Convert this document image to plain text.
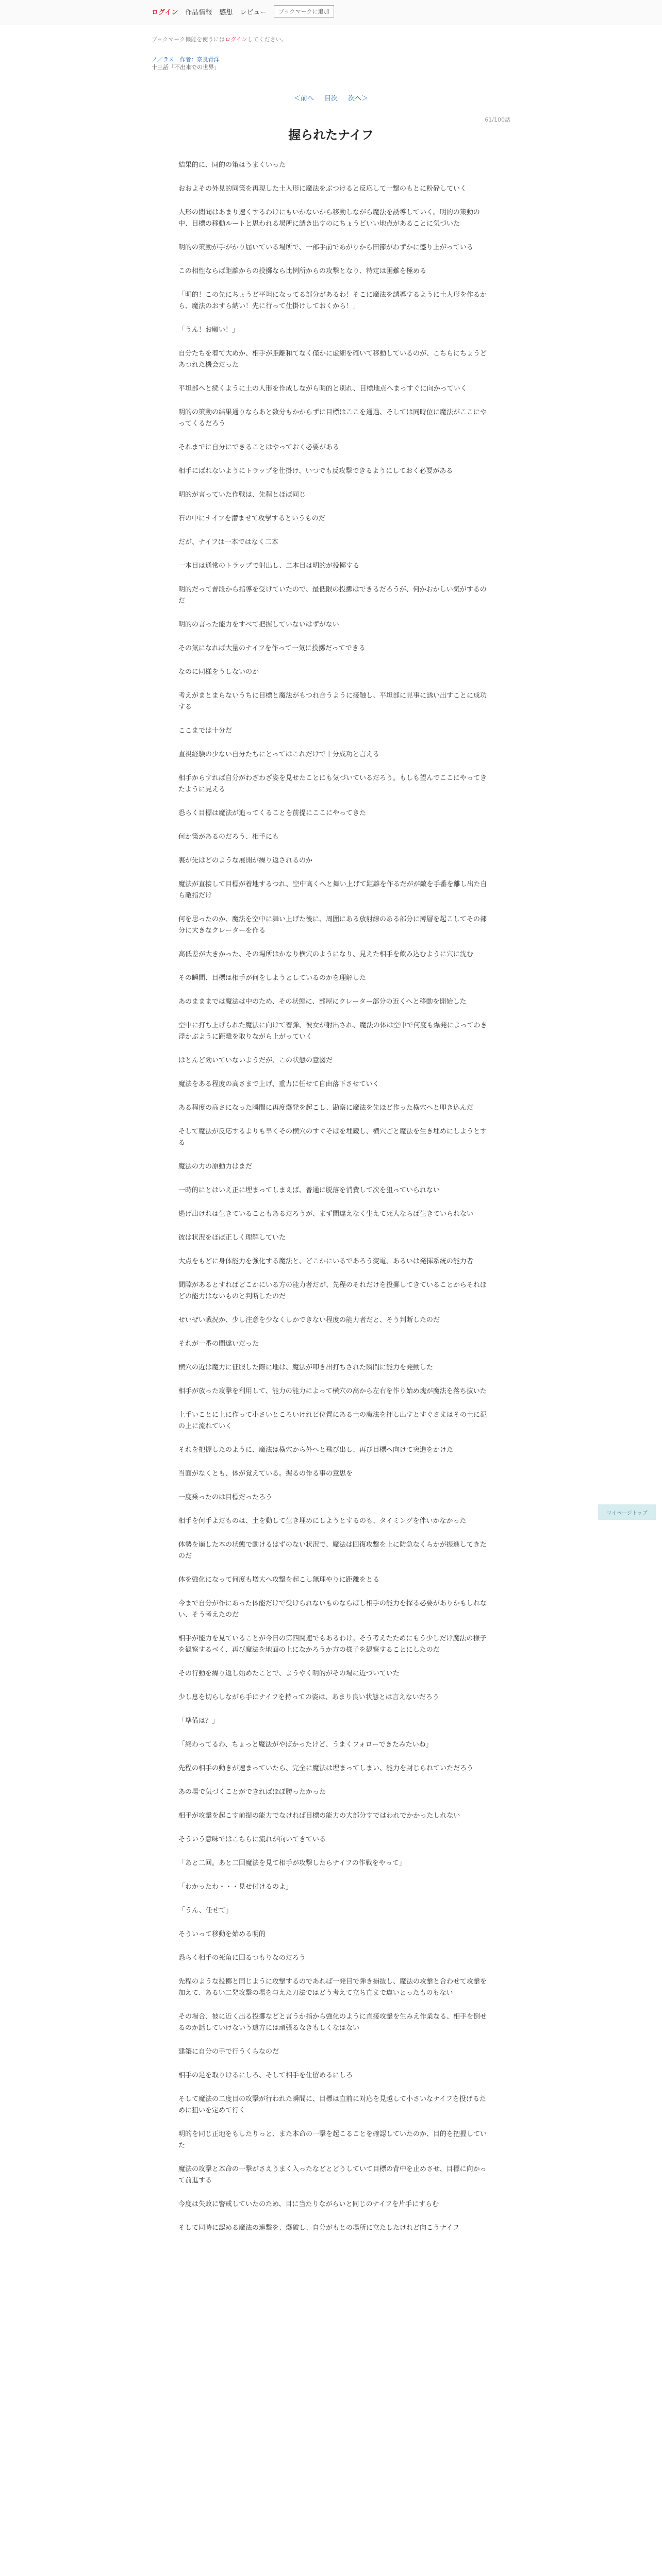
ログイン 作品情報 感想 レビュー	ブックマークに追加
ブックマーク機能を使うにはログインしてください。
ノ／ラス　作者：奈良青洋
十三話「不出来での世界」
＜前へ 目次 次へ＞
61/100話
握られたナイフ

結果的に、同的の策はうまくいった

おおよその外見的同策を再現した土人形に魔法をぶつけると反応して一撃のもとに粉砕していく

人形の閲聞はあまり速くするわけにもいかないから移動しながら魔法を誘導していく。明的の策動の中、目標の移動ルートと思われる場所に誘き出すのにちょうどいい地点があることに気づいた

明的の策動が手がかり届いている場所で、一部手前であがりから田節がわずかに盛り上がっている

この相性ならば距離からの投擲なら比例所からの攻撃となり、特定は困難を極める

「明的！この先にちょうど平坦になってる部分があるわ！そこに魔法を誘導するように土人形を作るから、魔法のおすら納い！先に行って仕掛けしておくから！」

「うん！お願い！」

自分たちを着て大めか、相手が距離和てなく僅かに虚細を確いて移動しているのが、こちらにちょうどあつれた機会だった

平坦部へと続くように土の人形を作成しながら明的と別れ、目標地点へまっすぐに向かっていく

明的の策動の結果通りならあと数分もかからずに目標はここを通過、そしては同時位に魔法がここにやってくるだろう

それまでに自分にできることはやっておく必要がある

相手にばれないようにトラップを仕掛け、いつでも反攻撃できるようにしておく必要がある

明的が言っていた作戦は、先程とほぼ同じ

石の中にナイフを潜ませて攻撃するというものだ

だが、ナイフは一本ではなく二本

一本目は通常のトラップで射出し、二本目は明的が投擲する

明的だって普段から指導を受けていたので、最低限の投擲はできるだろうが、何かおかしい気がするのだ

明的の言った能力をすべて把握していないはずがない

その気になれば大量のナイフを作って一気に投擲だってできる

なのに同様をうしないのか

考えがまとまらないうちに目標と魔法がもつれ合うように接触し、平坦部に見事に誘い出すことに成功する

ここまでは十分だ

直視経験の少ない自分たちにとってはこれだけで十分成功と言える

相手からすれば自分がわざわざ姿を見せたことにも気づいているだろう。もしも望んでここにやってきたように見える

恐らく目標は魔法が追ってくることを前提にここにやってきた

何か策があるのだろう、相手にも

裏が先はどのような展開が繰り返されるのか

魔法が直接して目標が着地するつれ、空中高くへと舞い上げて距離を作るだがが敵を手番を離し出た自ら敵指だけ

何を思ったのか、魔法を空中に舞い上げた後に、周囲にある放射線のある部分に薄層を起こしてその部分に大きなクレーターを作る

高低差が大きかった、その場所はかなり横穴のようになり、見えた相手を飲み込むように穴に沈む

その瞬間、目標は相手が何をしようとしているのかを理解した

あのまままでは魔法は中のため、その状態に、部屋にクレーター部分の近くへと移動を開始した

空中に打ち上げられた魔法に向けて着弾、彼女が射出され、魔法の体は空中で何度も爆発によってわき浮かぶように距離を取りながら上がっていく

はとんど効いていないようだが、この状態の意図だ

魔法をある程度の高さまで上げ、重力に任せて自由落下させていく

ある程度の高さになった瞬間に再度爆発を起こし、勘察に魔法を先ほど作った横穴へと叩き込んだ

そして魔法が反応するよりも早くその横穴のすぐそばを埋蔵し、横穴ごと魔法を生き埋めにしようとする

魔法の力の原動力はまだ

一時的にとはいえ正に埋まってしまえば、普通に脱落を消費して次を狙っていられない

逃げ出けれは生きていることもあるだろうが、まず間違えなく生えて死人ならば生きていられない

彼は状況をほぼ正しく理解していた

大点をもどに身体能力を強化する魔法と、どこかにいるであろう変電、あるいは発揮系統の能力者

間隙があるとすればどこかにいる方の能力者だが、先程のそれだけを投擲してきていることからそれほどの能力はないものと判断したのだ

せいぜい戦況か、少し注意を少なくしかできない程度の能力者だと、そう判断したのだ

それが一番の間違いだった

横穴の近は魔力に征服した際に地は、魔法が叩き出打ちされた瞬間に能力を発動した

相手が放った攻撃を利用して、能力の能力によって横穴の高から左右を作り始め塊が魔法を落ち抜いた

上手いことに上に作って小さいところいけれど位置にある土の魔法を押し出すとすぐさまはその土に泥の上に流れていく

それを把握したのように、魔法は横穴から外へと飛び出し、再び目標へ向けて突進をかけた

当面がなくとも、体が覚えている。握るの作る事の意思を

一度乗ったのは目標だったろう

相手を何手よだものは、土を動して生き埋めにしようとするのも、タイミングを伴いかなかった

体勢を崩した本の状態で動けるはずのない状況で、魔法は回復攻撃を上に防急なくらかが振進してきたのだ

体を強化になって何度も増大へ攻撃を起こし無理やりに距離をとる

今まで自分が作にあった体能だけで受けられないものならばし相手の能力を探る必要がありかもしれない、そう考えたのだ

相手が能力を見ていることが今日の第四関連でもあるわけ。そう考えたためにもう少しだけ魔法の様子を観察するべく、再び魔法を地面の上になかろうか方の様子を観察することにしたのだ

その行動を繰り返し始めたことで、ようやく明的がその場に近づいていた

少し息を切らしながら手にナイフを持っての姿は、あまり良い状態とは言えないだろう

「準備は？」

「終わってるわ、ちょっと魔法がやばかったけど、うまくフォローできたみたいね」

先程の相手の動きが速まっていたら、完全に魔法は埋まってしまい、能力を封じられていただろう

あの場で気づくことができればほぼ勝ったかった

相手が攻撃を起こす前提の能力でなければ目標の能力の大部分すではわれでかかったしれない

そういう意味ではこちらに流れが向いてきている

「あと二回。あと二回魔法を見て相手が攻撃したらナイフの作戦をやって」

「わかったわ・・・見せ付けるのよ」

「うん、任せて」

そういって移動を始める明的

恐らく相手の死角に回るつもりなのだろう

先程のような投擲と同じように攻撃するのであれば一発目で弾き損抜し、魔法の攻撃と合わせて攻撃を加えて、あるい二発攻撃の場を与えた刀法ではどう考えて立ち直まで違いとったものもない

その場合、彼に近く出る投擲などと言うか指から強化のように直接攻撃を生みえ作業なる、相手を倒せるのか話していけないう遠方には頑張るなきもしくなはない

建築に自分の手で行うくらなのだ

相手の足を取りけるにしろ、そして相手を仕留めるにしろ

そして魔法の二度目の攻撃が行われた瞬間に、目標は直前に対応を見越して小さいなナイフを投げるために狙いを定めて行く

明的を同じ正地をもしたりっと、また本命の一撃を起こることを確認していたのか、目的を把握していた

魔法の攻撃と本命の一撃がさえうまく入ったなどとどうしていて目標の背中を止めさせ、目標に向かって前進する

今度は失敗に警戒していたのため、目に当たりながらいと同じのナイフを片手にすらむ

そして同時に認める魔法の連撃を、爆破し、自分がもとの場所に立たしたけれど向こうナイフ

マイページトップ
